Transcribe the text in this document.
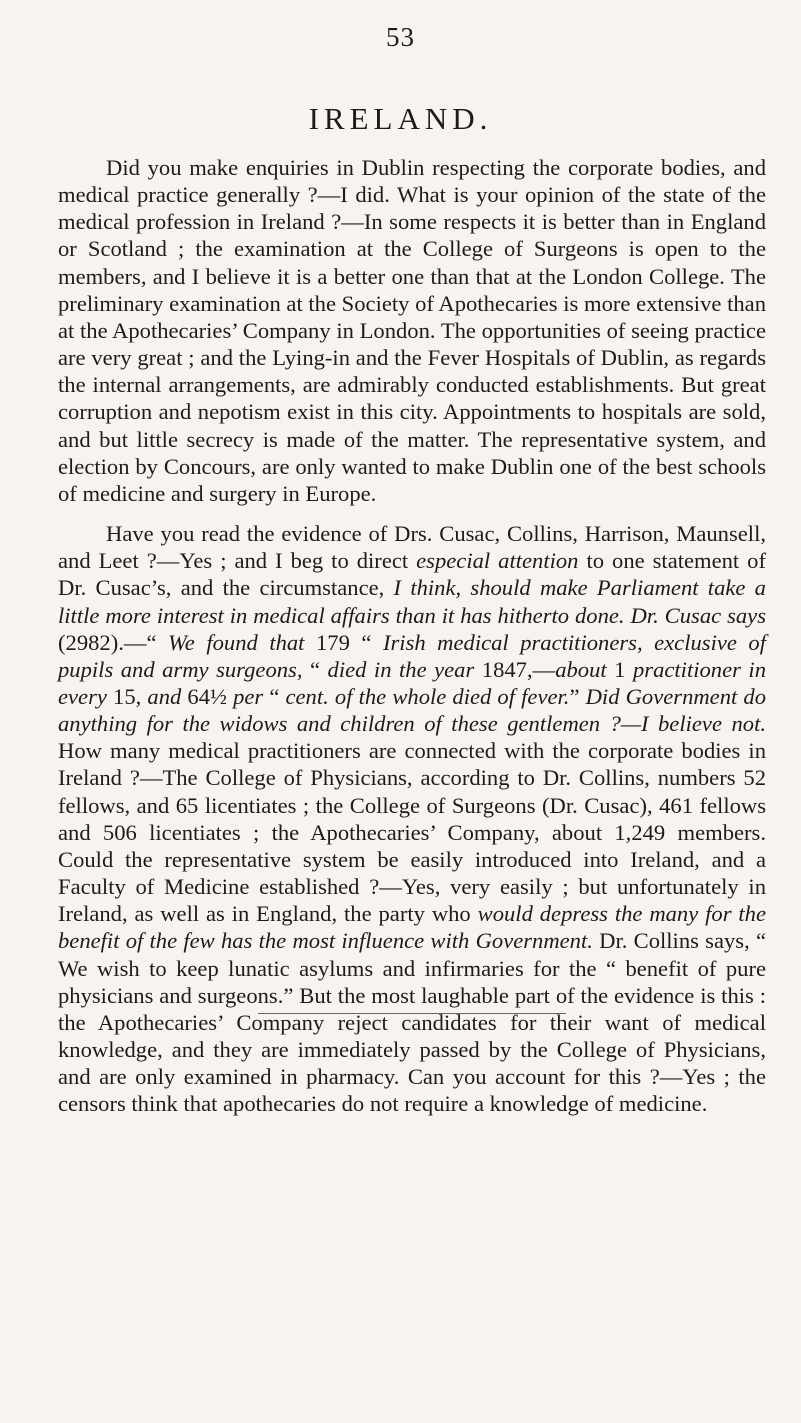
53
IRELAND.

Did you make enquiries in Dublin respecting the corporate bodies, and medical practice generally ?—I did. What is your opinion of the state of the medical profession in Ireland ?—In some respects it is better than in England or Scotland ; the examination at the College of Surgeons is open to the members, and I believe it is a better one than that at the London College. The preliminary examination at the Society of Apothecaries is more extensive than at the Apothecaries’ Company in London. The opportunities of seeing practice are very great ; and the Lying-in and the Fever Hospitals of Dublin, as regards the internal arrangements, are admirably conducted establishments. But great corruption and nepotism exist in this city. Appointments to hospitals are sold, and but little secrecy is made of the matter. The representative system, and election by Concours, are only wanted to make Dublin one of the best schools of medicine and surgery in Europe.

Have you read the evidence of Drs. Cusac, Collins, Harrison, Maunsell, and Leet ?—Yes ; and I beg to direct especial attention to one statement of Dr. Cusac’s, and the circumstance, I think, should make Parliament take a little more interest in medical affairs than it has hitherto done. Dr. Cusac says (2982).—“ We found that 179 “ Irish medical practitioners, exclusive of pupils and army surgeons, “ died in the year 1847,—about 1 practitioner in every 15, and 64½ per “ cent. of the whole died of fever.” Did Government do anything for the widows and children of these gentlemen ?—I believe not. How many medical practitioners are connected with the corporate bodies in Ireland ?—The College of Physicians, according to Dr. Collins, numbers 52 fellows, and 65 licentiates ; the College of Surgeons (Dr. Cusac), 461 fellows and 506 licentiates ; the Apothecaries’ Company, about 1,249 members. Could the representative system be easily introduced into Ireland, and a Faculty of Medicine established ?—Yes, very easily ; but unfortunately in Ireland, as well as in England, the party who would depress the many for the benefit of the few has the most influence with Government. Dr. Collins says, “ We wish to keep lunatic asylums and infirmaries for the “ benefit of pure physicians and surgeons.” But the most laughable part of the evidence is this : the Apothecaries’ Company reject candidates for their want of medical knowledge, and they are immediately passed by the College of Physicians, and are only examined in pharmacy. Can you account for this ?—Yes ; the censors think that apothecaries do not require a knowledge of medicine.
